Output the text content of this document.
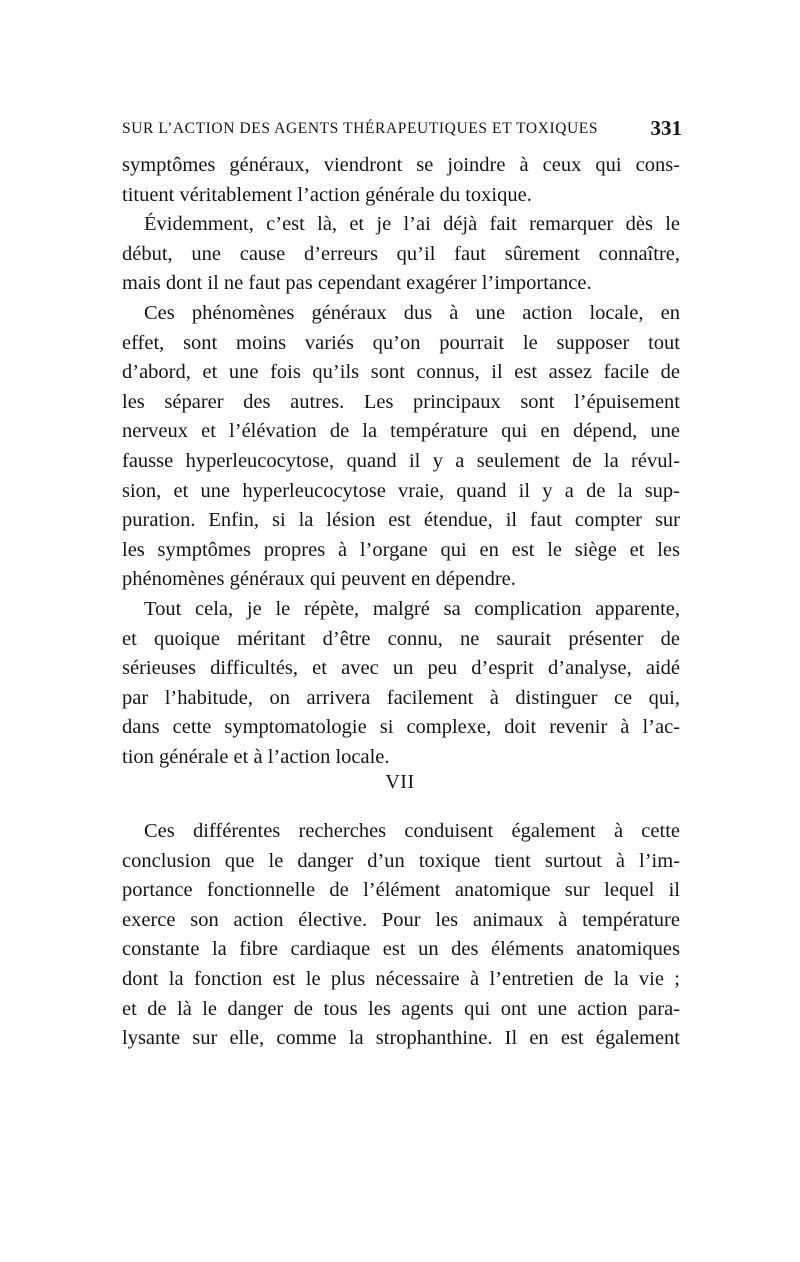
SUR L’ACTION DES AGENTS THÉRAPEUTIQUES ET TOXIQUES 331
symptômes généraux, viendront se joindre à ceux qui cons-
tituent véritablement l’action générale du toxique.
Évidemment, c’est là, et je l’ai déjà fait remarquer dès le
début, une cause d’erreurs qu’il faut sûrement connaître,
mais dont il ne faut pas cependant exagérer l’importance.
Ces phénomènes généraux dus à une action locale, en
effet, sont moins variés qu’on pourrait le supposer tout
d’abord, et une fois qu’ils sont connus, il est assez facile de
les séparer des autres. Les principaux sont l’épuisement
nerveux et l’élévation de la température qui en dépend, une
fausse hyperleucocytose, quand il y a seulement de la révul-
sion, et une hyperleucocytose vraie, quand il y a de la sup-
puration. Enfin, si la lésion est étendue, il faut compter sur
les symptômes propres à l’organe qui en est le siège et les
phénomènes généraux qui peuvent en dépendre.
Tout cela, je le répète, malgré sa complication apparente,
et quoique méritant d’être connu, ne saurait présenter de
sérieuses difficultés, et avec un peu d’esprit d’analyse, aidé
par l’habitude, on arrivera facilement à distinguer ce qui,
dans cette symptomatologie si complexe, doit revenir à l’ac-
tion générale et à l’action locale.
VII
Ces différentes recherches conduisent également à cette
conclusion que le danger d’un toxique tient surtout à l’im-
portance fonctionnelle de l’élément anatomique sur lequel il
exerce son action élective. Pour les animaux à température
constante la fibre cardiaque est un des éléments anatomiques
dont la fonction est le plus nécessaire à l’entretien de la vie ;
et de là le danger de tous les agents qui ont une action para-
lysante sur elle, comme la strophanthine. Il en est également
